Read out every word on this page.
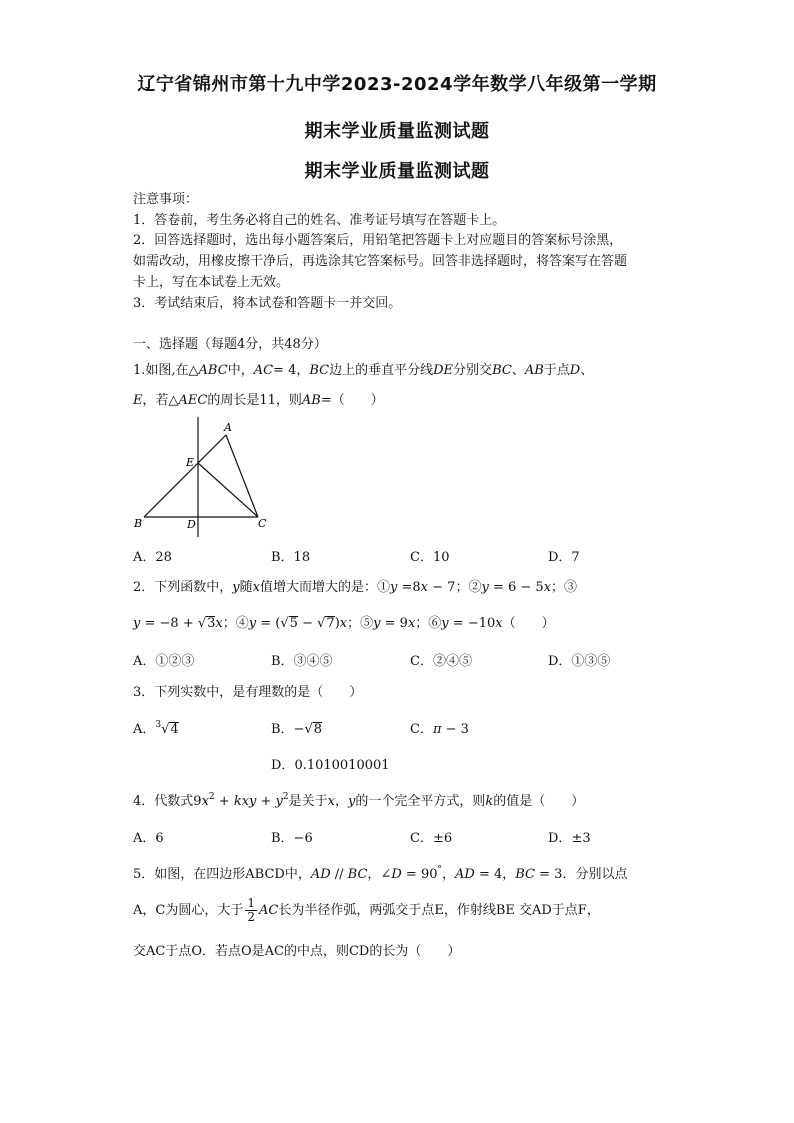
辽宁省锦州市第十九中学2023-2024学年数学八年级第一学期
期末学业质量监测试题
期末学业质量监测试题
注意事项：
1．答卷前，考生务必将自己的姓名、准考证号填写在答题卡上。
2．回答选择题时，选出每小题答案后，用铅笔把答题卡上对应题目的答案标号涂黑，
如需改动，用橡皮擦干净后，再选涂其它答案标号。回答非选择题时，将答案写在答题
卡上，写在本试卷上无效。
3．考试结束后，将本试卷和答题卡一并交回。
一、选择题（每题4分，共48分）
1.如图,在△ABC中，AC= 4，BC边上的垂直平分线DE分别交BC、AB于点D、
E，若△AEC的周长是11，则AB=（　　）
A
E
B	D	C
A．28	B．18	C．10	D．7
2．下列函数中，y随x值增大而增大的是：①y =8x − 7；②y = 6 − 5x；③
y = −8 + √3x；④y = (√5 − √7)x；⑤y = 9x；⑥y = −10x（　　）
A．①②③	B．③④⑤	C．②④⑤	D．①③⑤
3．下列实数中，是有理数的是（　　）
A．$^3$√4	B．−√8	C．π − 3
D．0.1010010001
4．代数式$9x^2$ + kxy + $y^2$是关于x，y的一个完全平方式，则k的值是（　　）
A．6	B．−6	C．±6	D．±3
5．如图，在四边形ABCD中，AD // BC，∠D = 90°，AD = 4，BC = 3．分别以点
A，C为圆心，大于 $\frac{1}{2}$ AC长为半径作弧，两弧交于点E，作射线BE 交AD于点F，
交AC于点O．若点O是AC的中点，则CD的长为（　　）
